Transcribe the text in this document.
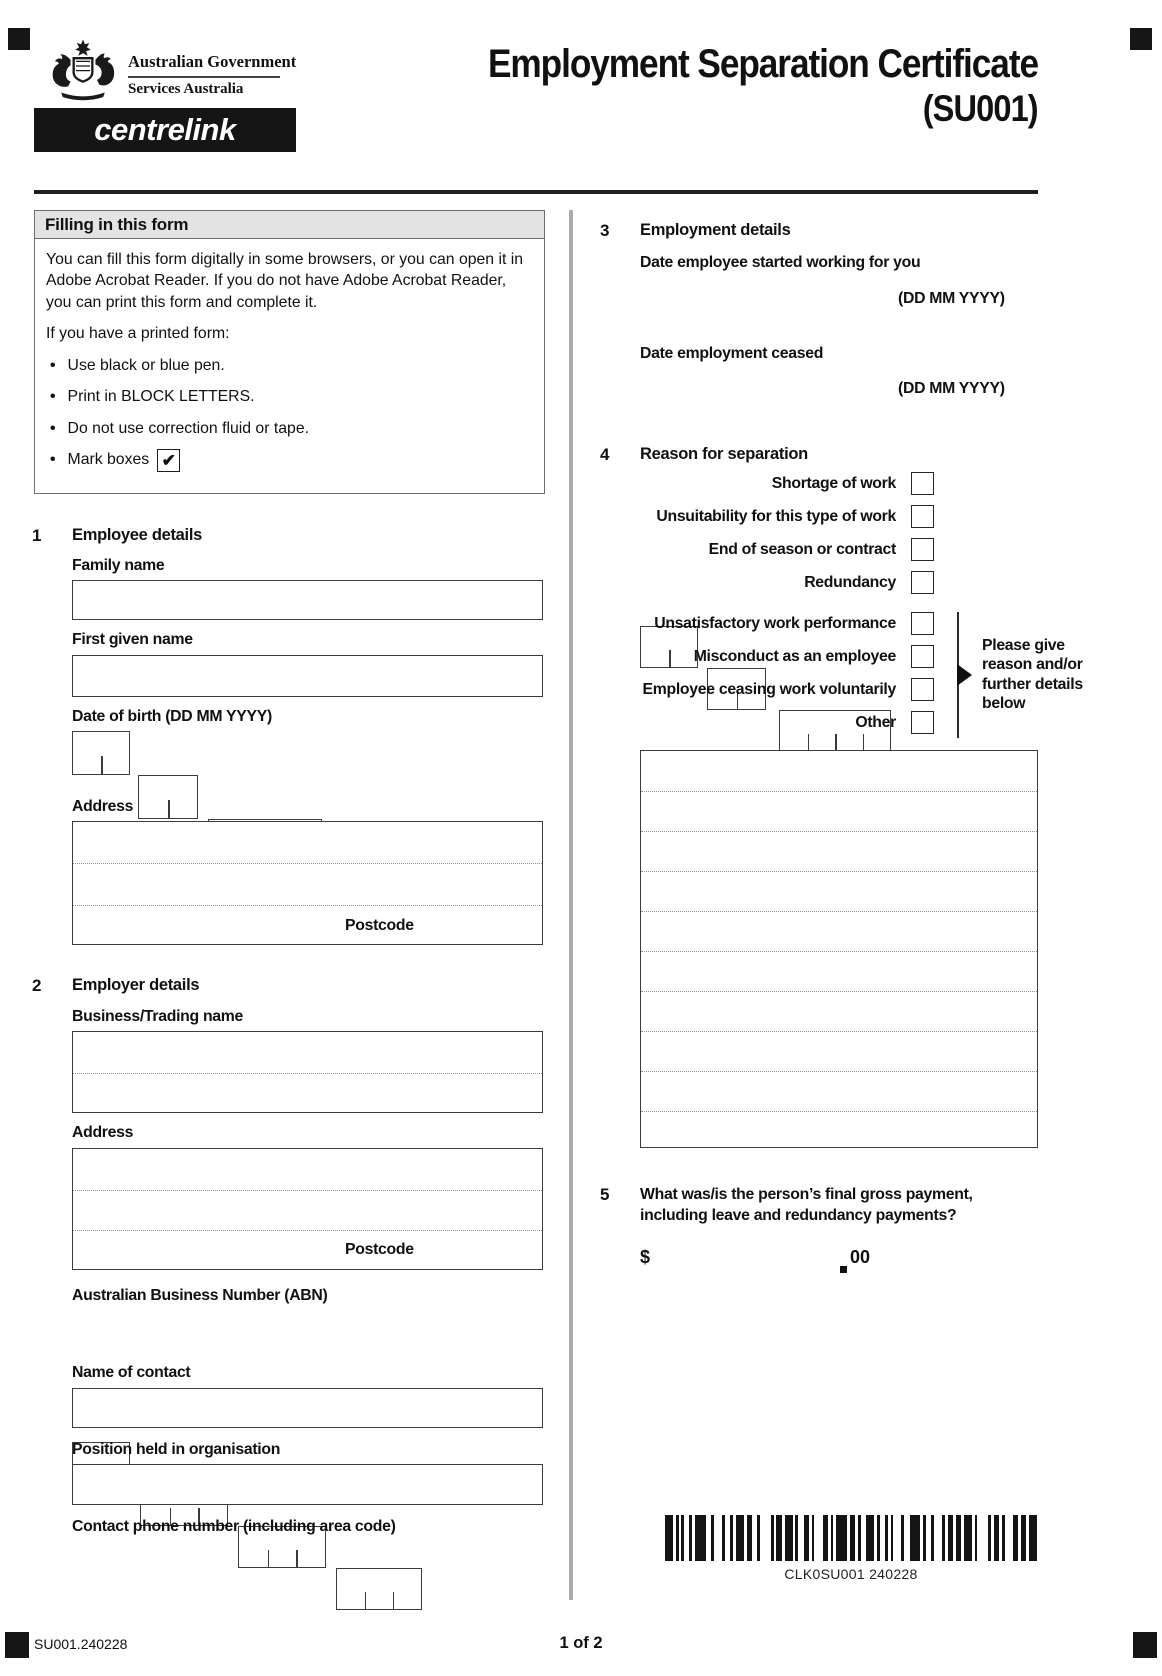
Australian Government
Services Australia
centrelink
Employment Separation Certificate
(SU001)
Filling in this form

You can fill this form digitally in some browsers, or you can open it in Adobe Acrobat Reader. If you do not have Adobe Acrobat Reader, you can print this form and complete it.

If you have a printed form:

• Use black or blue pen.
• Print in BLOCK LETTERS.
• Do not use correction fluid or tape.
• Mark boxes ✔
1 Employee details
Family name
First given name
Date of birth (DD MM YYYY)
Address
Postcode
2 Employer details
Business/Trading name
Address
Postcode
Australian Business Number (ABN)
Name of contact
Position held in organisation
Contact phone number (including area code)
3 Employment details
Date employee started working for you
(DD MM YYYY)
Date employment ceased
(DD MM YYYY)
4 Reason for separation
Shortage of work
Unsuitability for this type of work
End of season or contract
Redundancy
Unsatisfactory work performance
Misconduct as an employee
Employee ceasing work voluntarily
Other
Please give reason and/or further details below
5 What was/is the person’s final gross payment, including leave and redundancy payments?
$	00
CLK0SU001 240228
SU001.240228	1 of 2
